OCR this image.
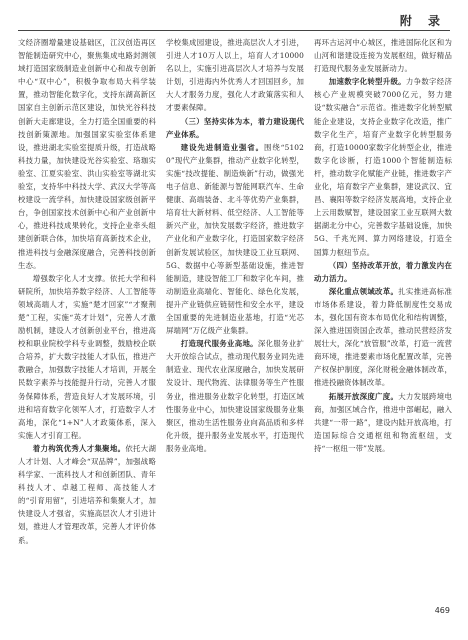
附 录

文经济圈增量建设基础区，江汉创造再区智能制造研究中心，聚焦集成电路封测领域打造国家级制造业创新中心和战专创新中心“双中心”，积极争取布局大科学装置，推动智能化数字化，支持东湖高新区国家自主创新示范区建设，加快光谷科技创新大走廊建设，全力打造全国重要的科技创新策源地。加强国家实验室体系建设，推进湖北实验室提质升级，打造战略科技力量，加快建设光谷实验室、珞珈实验室、江夏实验室、洪山实验室等湖北实验室，支持华中科技大学、武汉大学等高校建设一流学科，加快建设国家级创新平台，争创国家技术创新中心和产业创新中心，推进科技成果转化，支持企业牵头组建创新联合体，加快培育高新技术企业，推进科技与金融深度融合，完善科技创新生态。

增强数字化人才支撑。依托大学和科研院所，加快培养数字经济、人工智能等领域高端人才，实施“楚才回家”“才聚荆楚”工程，实施“英才计划”，完善人才激励机制，建设人才创新创业平台，推进高校和职业院校学科专业调整，鼓励校企联合培养，扩大数字技能人才队伍，推进产教融合，加强数字技能人才培训，开展全民数字素养与技能提升行动，完善人才服务保障体系，营造良好人才发展环境，引进和培育数字化领军人才，打造数字人才高地，深化“1+N”人才政策体系，深入实施人才引育工程。

着力构筑优秀人才集聚地。依托大湖人才计划、人才峰会“双品牌”，加强战略科学家、一流科技人才和创新团队、青年科技人才、卓越工程师、高技能人才的“引育用留”，引进培养和集聚人才，加快建设人才强省，实施高层次人才引进计划，推进人才管理改革，完善人才评价体系。

学校集成园建设，推进高层次人才引进，引进人才10万人以上，培育人才10000名以上，实施引进高层次人才培养与发展计划，引进海内外优秀人才回国回乡，加大人才服务力度，强化人才政策落实和人才要素保障。

（三）坚持实体为本，着力建设现代产业体系。

建设先进制造业强省。围绕“51020”现代产业集群，推动产业数字化转型，实施“技改提能、制造焕新”行动，做强光电子信息、新能源与智能网联汽车、生命健康、高端装备、北斗等优势产业集群，培育壮大新材料、低空经济、人工智能等新兴产业，加快发展数字经济，推进数字产业化和产业数字化，打造国家数字经济创新发展试验区，加快建设工业互联网、5G、数据中心等新型基础设施，推进智能制造，建设智能工厂和数字化车间，推动制造业高端化、智能化、绿色化发展，提升产业链供应链韧性和安全水平，建设全国重要的先进制造业基地，打造“光芯屏端网”万亿级产业集群。

打造现代服务业高地。深化服务业扩大开放综合试点，推动现代服务业同先进制造业、现代农业深度融合，加快发展研发设计、现代物流、法律服务等生产性服务业，推进服务业数字化转型，打造区域性服务业中心，加快建设国家级服务业集聚区，推动生活性服务业向高品质和多样化升级，提升服务业发展水平，打造现代服务业高地。

再环古运河中心城区，推进国际化区和为山河和谐建设连接为发展枢纽，做好精品打造现代服务业发展新动力。

加速数字化转型升级。力争数字经济核心产业规模突破7000亿元，努力建设“数实融合”示范省。推进数字化转型赋能企业建设，支持企业数字化改造，推广数字化生产，培育产业数字化转型服务商，打造10000家数字化转型企业，推进数字化诊断，打造1000个智能制造标杆，推动数字化赋能产业链，推进数字产业化，培育数字产业集群，建设武汉、宜昌、襄阳等数字经济发展高地，支持企业上云用数赋智，建设国家工业互联网大数据湖北分中心，完善数字基础设施，加快5G、千兆光网、算力网络建设，打造全国算力枢纽节点。

（四）坚持改革开放，着力激发内在动力活力。

深化重点领域改革。扎实推进高标准市场体系建设，着力降低制度性交易成本，强化国有资本布局优化和结构调整，深入推进国资国企改革，推动民营经济发展壮大，深化“放管服”改革，打造一流营商环境，推进要素市场化配置改革，完善产权保护制度，深化财税金融体制改革，推进投融资体制改革。

拓展开放深度广度。大力发展跨境电商，加强区域合作，推进中部崛起，融入共建“一带一路”，建设内陆开放高地，打造国际综合交通枢纽和物流枢纽，支持“一枢纽一带”发展。

469
